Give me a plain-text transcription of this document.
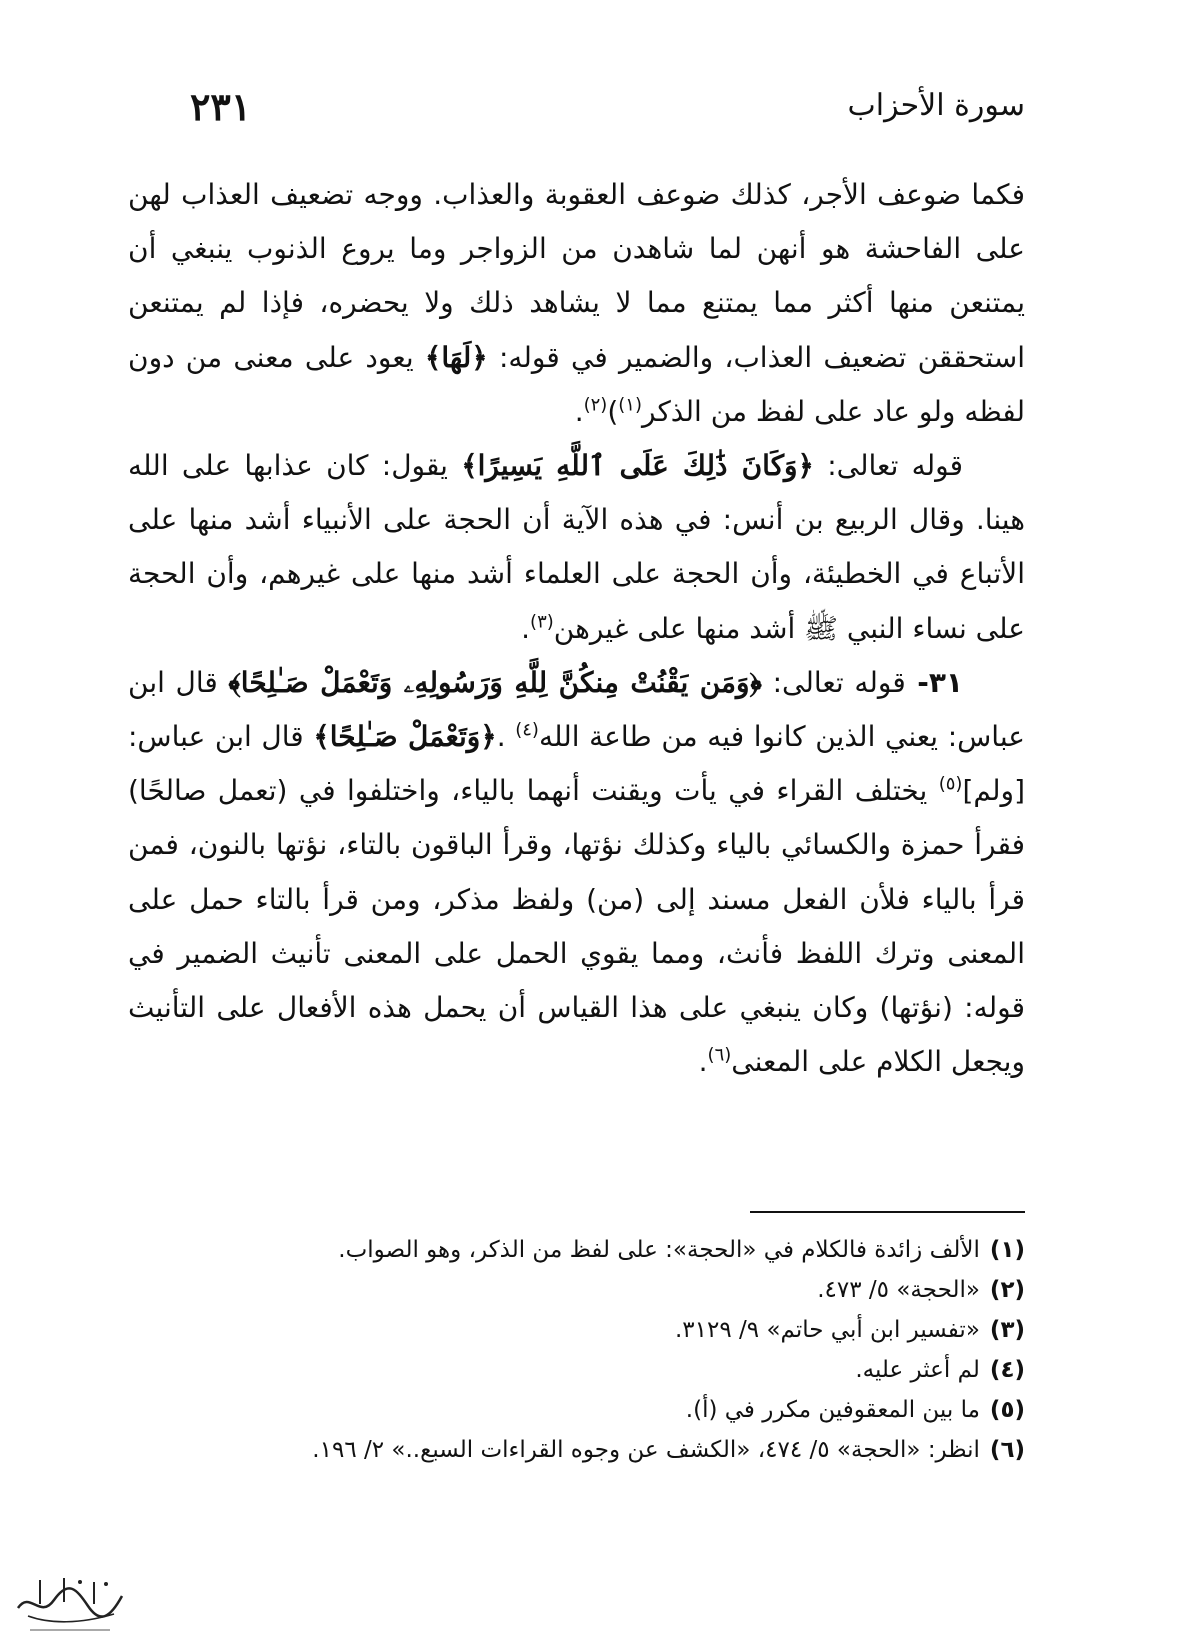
سورة الأحزاب
٢٣١

فكما ضوعف الأجر، كذلك ضوعف العقوبة والعذاب. ووجه تضعيف العذاب لهن على الفاحشة هو أنهن لما شاهدن من الزواجر وما يروع الذنوب ينبغي أن يمتنعن منها أكثر مما يمتنع مما لا يشاهد ذلك ولا يحضره، فإذا لم يمتنعن استحققن تضعيف العذاب، والضمير في قوله: ﴿لَهَا﴾ يعود على معنى من دون لفظه ولو عاد على لفظ من الذكر$^{(١)}$)$^{(٢)}$.

قوله تعالى: ﴿وَكَانَ ذَٰلِكَ عَلَى ٱللَّهِ يَسِيرًا﴾ يقول: كان عذابها على الله هينا. وقال الربيع بن أنس: في هذه الآية أن الحجة على الأنبياء أشد منها على الأتباع في الخطيئة، وأن الحجة على العلماء أشد منها على غيرهم، وأن الحجة على نساء النبي ﷺ أشد منها على غيرهن$^{(٣)}$.

٣١- قوله تعالى: ﴿وَمَن يَقْنُتْ مِنكُنَّ لِلَّهِ وَرَسُولِهِۦ وَتَعْمَلْ صَـٰلِحًا﴾ قال ابن عباس: يعني الذين كانوا فيه من طاعة الله$^{(٤)}$ .﴿وَتَعْمَلْ صَـٰلِحًا﴾ قال ابن عباس: [ولم]$^{(٥)}$ يختلف القراء في يأت ويقنت أنهما بالياء، واختلفوا في (تعمل صالحًا) فقرأ حمزة والكسائي بالياء وكذلك نؤتها، وقرأ الباقون بالتاء، نؤتها بالنون، فمن قرأ بالياء فلأن الفعل مسند إلى (من) ولفظ مذكر، ومن قرأ بالتاء حمل على المعنى وترك اللفظ فأنث، ومما يقوي الحمل على المعنى تأنيث الضمير في قوله: (نؤتها) وكان ينبغي على هذا القياس أن يحمل هذه الأفعال على التأنيث ويجعل الكلام على المعنى$^{(٦)}$.

(١)الألف زائدة فالكلام في «الحجة»: على لفظ من الذكر، وهو الصواب.
(٢)«الحجة» ٥/ ٤٧٣.
(٣)«تفسير ابن أبي حاتم» ٩/ ٣١٢٩.
(٤)لم أعثر عليه.
(٥)ما بين المعقوفين مكرر في (أ).
(٦)انظر: «الحجة» ٥/ ٤٧٤، «الكشف عن وجوه القراءات السبع..» ٢/ ١٩٦.
